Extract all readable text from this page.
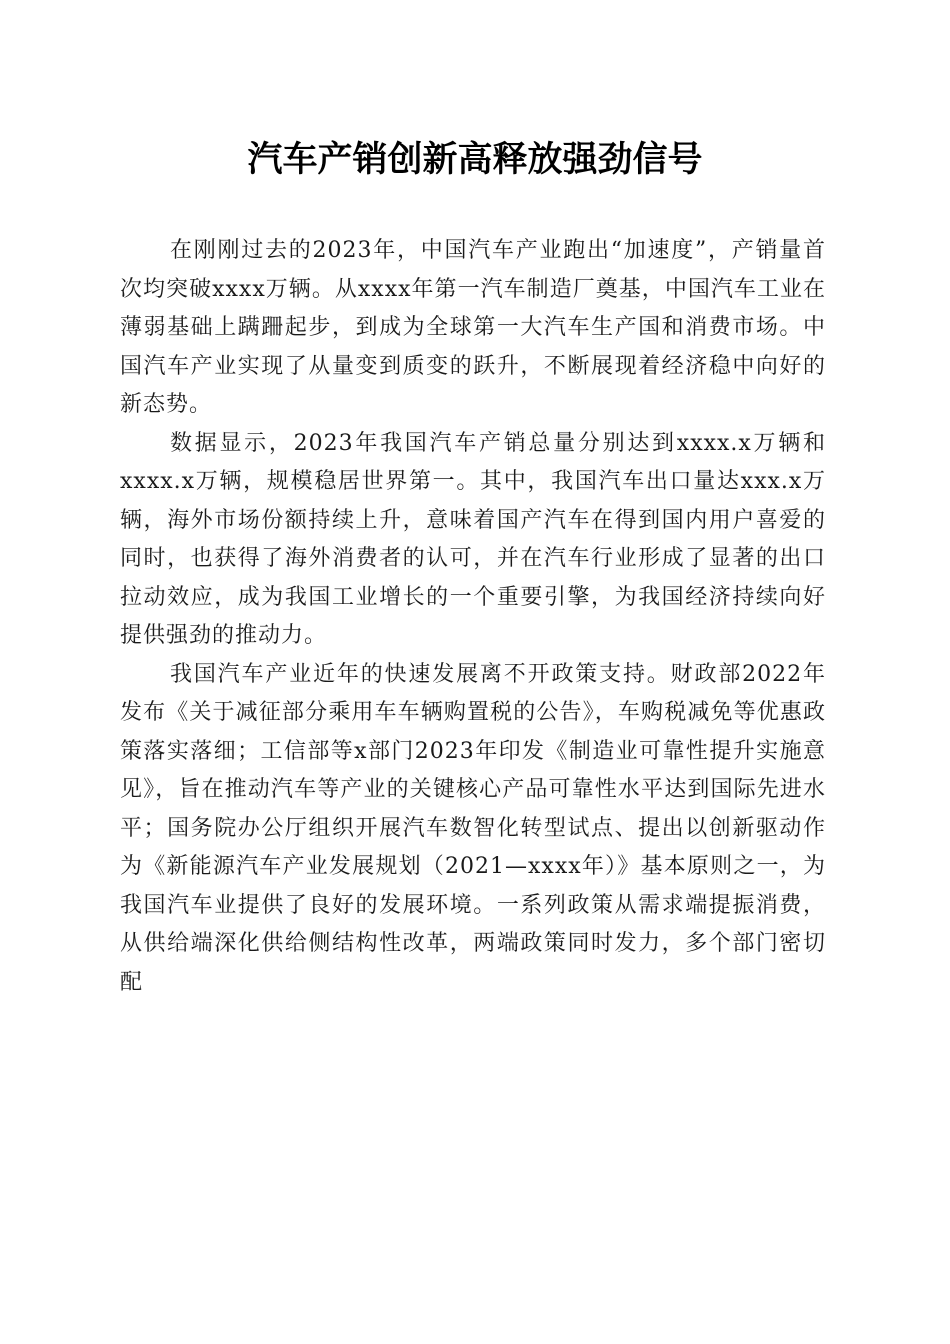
汽车产销创新高释放强劲信号

在刚刚过去的2023年，中国汽车产业跑出“加速度”，产销量首次均突破xxxx万辆。从xxxx年第一汽车制造厂奠基，中国汽车工业在薄弱基础上蹒跚起步，到成为全球第一大汽车生产国和消费市场。中国汽车产业实现了从量变到质变的跃升，不断展现着经济稳中向好的新态势。

数据显示，2023年我国汽车产销总量分别达到xxxx.x万辆和xxxx.x万辆，规模稳居世界第一。其中，我国汽车出口量达xxx.x万辆，海外市场份额持续上升，意味着国产汽车在得到国内用户喜爱的同时，也获得了海外消费者的认可，并在汽车行业形成了显著的出口拉动效应，成为我国工业增长的一个重要引擎，为我国经济持续向好提供强劲的推动力。

我国汽车产业近年的快速发展离不开政策支持。财政部2022年发布《关于减征部分乘用车车辆购置税的公告》，车购税减免等优惠政策落实落细；工信部等x部门2023年印发《制造业可靠性提升实施意见》，旨在推动汽车等产业的关键核心产品可靠性水平达到国际先进水平；国务院办公厅组织开展汽车数智化转型试点、提出以创新驱动作为《新能源汽车产业发展规划（2021—xxxx年）》基本原则之一，为我国汽车业提供了良好的发展环境。一系列政策从需求端提振消费，从供给端深化供给侧结构性改革，两端政策同时发力，多个部门密切配
